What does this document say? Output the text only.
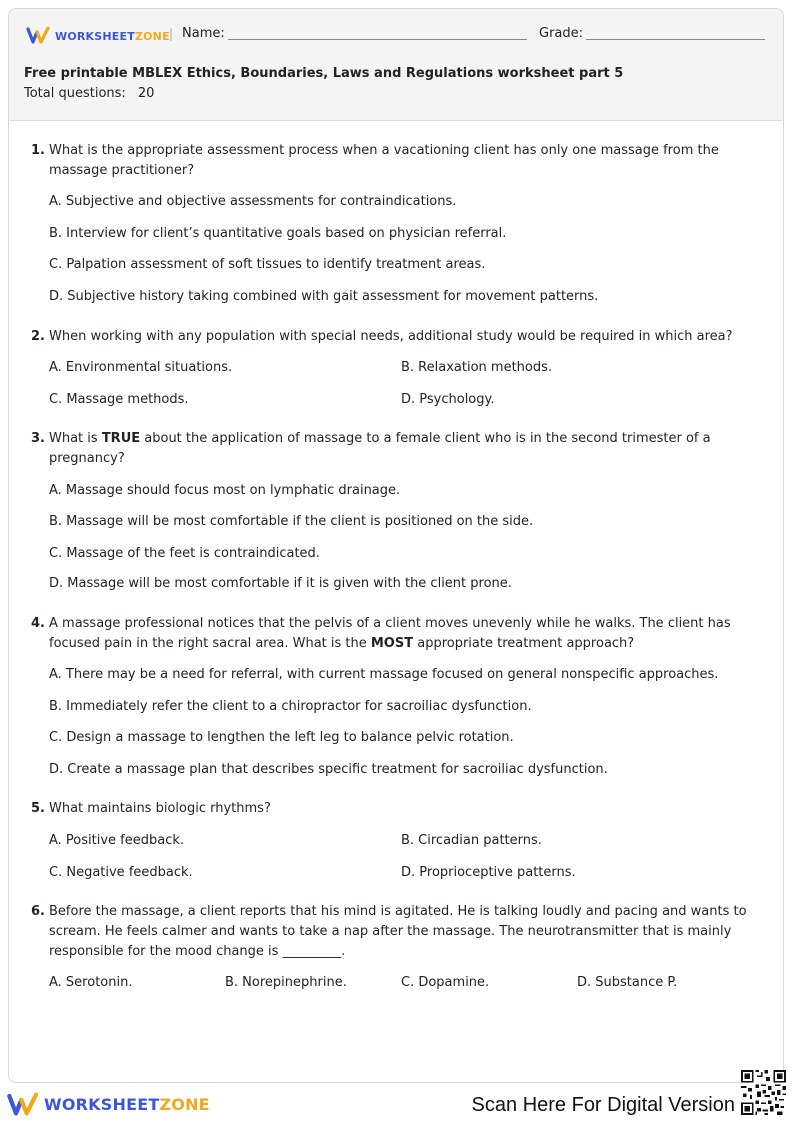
WORKSHEETZONE | Name:	Grade:
Free printable MBLEX Ethics, Boundaries, Laws and Regulations worksheet part 5
Total questions: 20
1. What is the appropriate assessment process when a vacationing client has only one massage from the massage practitioner?
A. Subjective and objective assessments for contraindications.
B. Interview for client’s quantitative goals based on physician referral.
C. Palpation assessment of soft tissues to identify treatment areas.
D. Subjective history taking combined with gait assessment for movement patterns.
2. When working with any population with special needs, additional study would be required in which area?
A. Environmental situations.	B. Relaxation methods.
C. Massage methods.	D. Psychology.
3. What is TRUE about the application of massage to a female client who is in the second trimester of a pregnancy?
A. Massage should focus most on lymphatic drainage.
B. Massage will be most comfortable if the client is positioned on the side.
C. Massage of the feet is contraindicated.
D. Massage will be most comfortable if it is given with the client prone.
4. A massage professional notices that the pelvis of a client moves unevenly while he walks. The client has focused pain in the right sacral area. What is the MOST appropriate treatment approach?
A. There may be a need for referral, with current massage focused on general nonspecific approaches.
B. Immediately refer the client to a chiropractor for sacroiliac dysfunction.
C. Design a massage to lengthen the left leg to balance pelvic rotation.
D. Create a massage plan that describes specific treatment for sacroiliac dysfunction.
5. What maintains biologic rhythms?
A. Positive feedback.	B. Circadian patterns.
C. Negative feedback.	D. Proprioceptive patterns.
6. Before the massage, a client reports that his mind is agitated. He is talking loudly and pacing and wants to scream. He feels calmer and wants to take a nap after the massage. The neurotransmitter that is mainly responsible for the mood change is _________.
A. Serotonin.	B. Norepinephrine.	C. Dopamine.	D. Substance P.
WORKSHEETZONE	Scan Here For Digital Version
